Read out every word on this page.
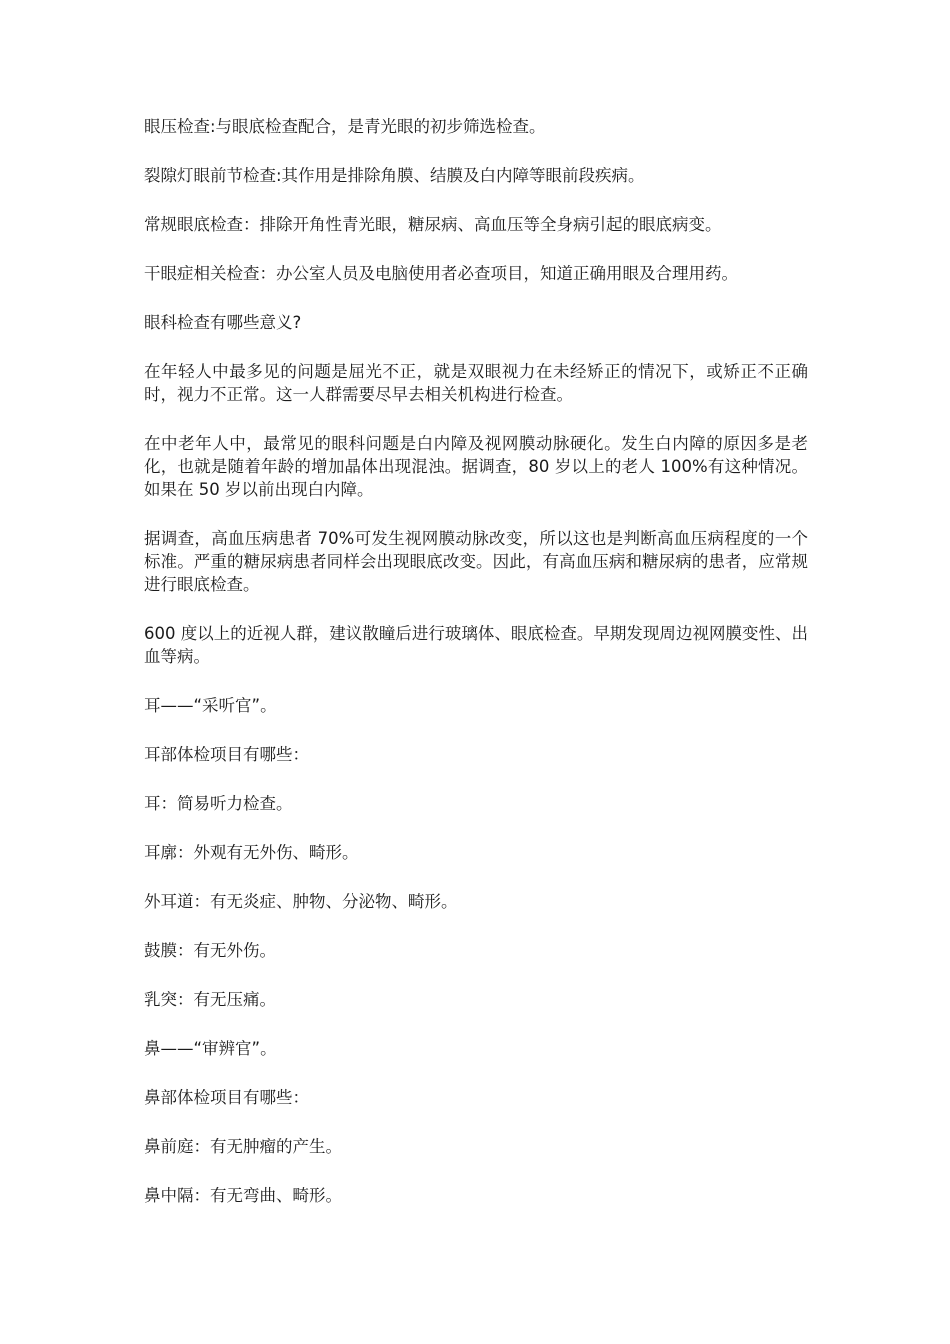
眼压检查:与眼底检查配合，是青光眼的初步筛选检查。

裂隙灯眼前节检查:其作用是排除角膜、结膜及白内障等眼前段疾病。

常规眼底检查：排除开角性青光眼，糖尿病、高血压等全身病引起的眼底病变。

干眼症相关检查：办公室人员及电脑使用者必查项目，知道正确用眼及合理用药。

眼科检查有哪些意义?

在年轻人中最多见的问题是屈光不正，就是双眼视力在未经矫正的情况下，或矫正不正确时，视力不正常。这一人群需要尽早去相关机构进行检查。

在中老年人中，最常见的眼科问题是白内障及视网膜动脉硬化。发生白内障的原因多是老化，也就是随着年龄的增加晶体出现混浊。据调查，80 岁以上的老人 100%有这种情况。如果在 50 岁以前出现白内障。

据调查，高血压病患者 70%可发生视网膜动脉改变，所以这也是判断高血压病程度的一个标准。严重的糖尿病患者同样会出现眼底改变。因此，有高血压病和糖尿病的患者，应常规进行眼底检查。

600 度以上的近视人群，建议散瞳后进行玻璃体、眼底检查。早期发现周边视网膜变性、出血等病。

耳——“采听官”。

耳部体检项目有哪些：

耳：简易听力检查。

耳廓：外观有无外伤、畸形。

外耳道：有无炎症、肿物、分泌物、畸形。

鼓膜：有无外伤。

乳突：有无压痛。

鼻——“审辨官”。

鼻部体检项目有哪些：

鼻前庭：有无肿瘤的产生。

鼻中隔：有无弯曲、畸形。
